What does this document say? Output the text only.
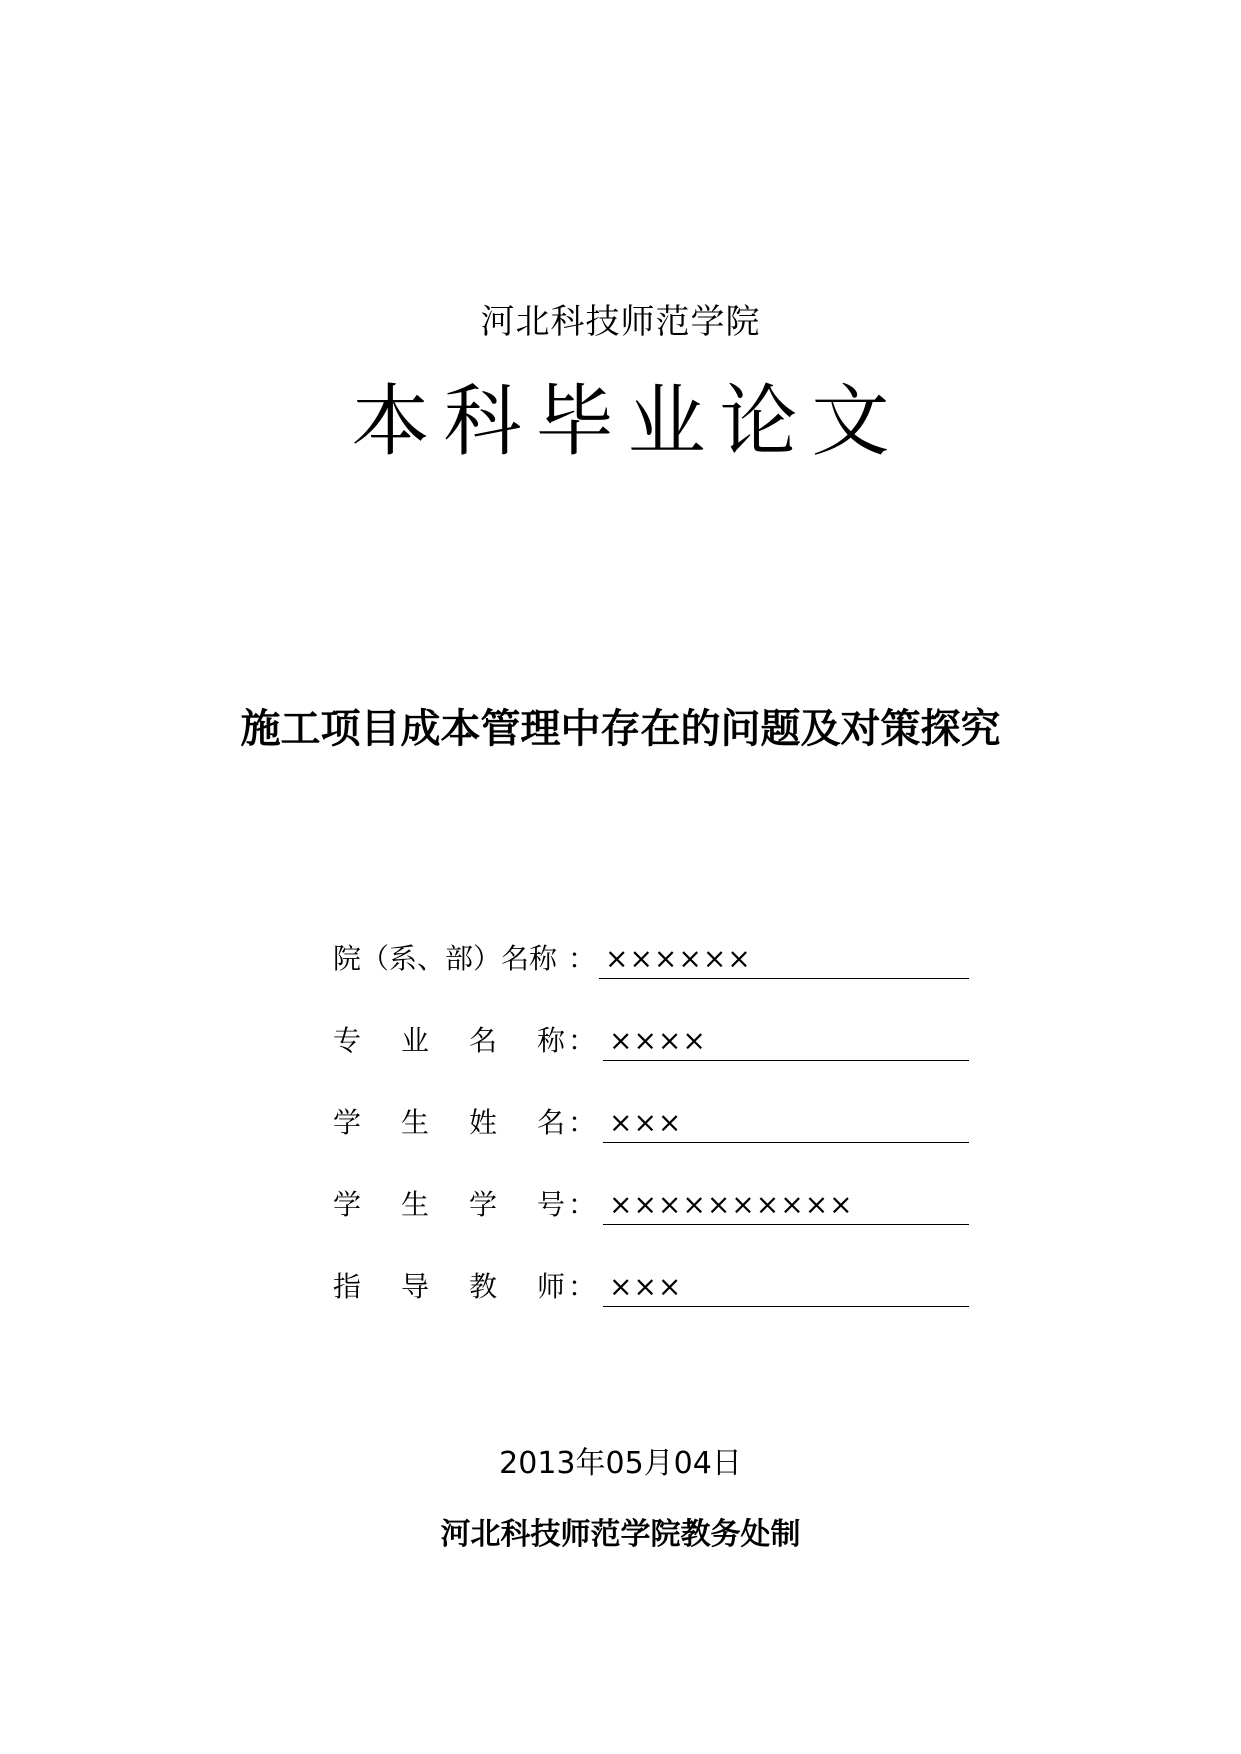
河北科技师范学院
本科毕业论文
施工项目成本管理中存在的问题及对策探究
院（系、部）名称 ： ××××××
专 业 名 称 ： ××××
学 生 姓 名 ： ×××
学 生 学 号 ： ××××××××××
指 导 教 师 ： ×××
2013年05月04日
河北科技师范学院教务处制
